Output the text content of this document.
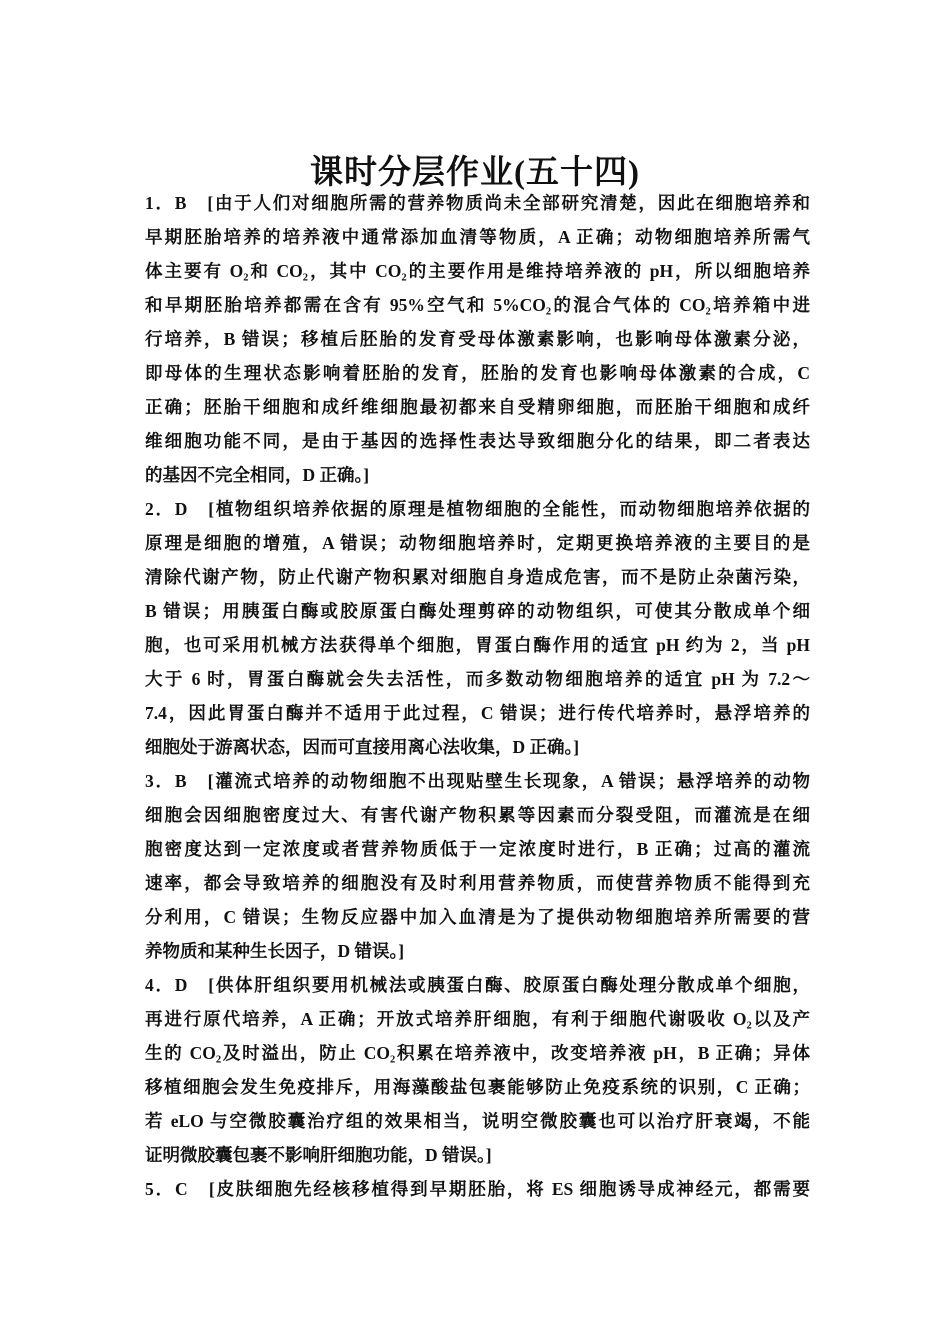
课时分层作业(五十四)
1．B　[由于人们对细胞所需的营养物质尚未全部研究清楚，因此在细胞培养和
早期胚胎培养的培养液中通常添加血清等物质，A 正确；动物细胞培养所需气
体主要有 O₂和 CO₂，其中 CO₂的主要作用是维持培养液的 pH，所以细胞培养
和早期胚胎培养都需在含有 95%空气和 5%CO₂的混合气体的 CO₂培养箱中进
行培养，B 错误；移植后胚胎的发育受母体激素影响，也影响母体激素分泌，
即母体的生理状态影响着胚胎的发育，胚胎的发育也影响母体激素的合成，C
正确；胚胎干细胞和成纤维细胞最初都来自受精卵细胞，而胚胎干细胞和成纤
维细胞功能不同，是由于基因的选择性表达导致细胞分化的结果，即二者表达
的基因不完全相同，D 正确。]
2．D　[植物组织培养依据的原理是植物细胞的全能性，而动物细胞培养依据的
原理是细胞的增殖，A 错误；动物细胞培养时，定期更换培养液的主要目的是
清除代谢产物，防止代谢产物积累对细胞自身造成危害，而不是防止杂菌污染，
B 错误；用胰蛋白酶或胶原蛋白酶处理剪碎的动物组织，可使其分散成单个细
胞，也可采用机械方法获得单个细胞，胃蛋白酶作用的适宜 pH 约为 2，当 pH
大于 6 时，胃蛋白酶就会失去活性，而多数动物细胞培养的适宜 pH 为 7.2～
7.4，因此胃蛋白酶并不适用于此过程，C 错误；进行传代培养时，悬浮培养的
细胞处于游离状态，因而可直接用离心法收集，D 正确。]
3．B　[灌流式培养的动物细胞不出现贴壁生长现象，A 错误；悬浮培养的动物
细胞会因细胞密度过大、有害代谢产物积累等因素而分裂受阻，而灌流是在细
胞密度达到一定浓度或者营养物质低于一定浓度时进行，B 正确；过高的灌流
速率，都会导致培养的细胞没有及时利用营养物质，而使营养物质不能得到充
分利用，C 错误；生物反应器中加入血清是为了提供动物细胞培养所需要的营
养物质和某种生长因子，D 错误。]
4．D　[供体肝组织要用机械法或胰蛋白酶、胶原蛋白酶处理分散成单个细胞，
再进行原代培养，A 正确；开放式培养肝细胞，有利于细胞代谢吸收 O₂以及产
生的 CO₂及时溢出，防止 CO₂积累在培养液中，改变培养液 pH，B 正确；异体
移植细胞会发生免疫排斥，用海藻酸盐包裹能够防止免疫系统的识别，C 正确；
若 eLO 与空微胶囊治疗组的效果相当，说明空微胶囊也可以治疗肝衰竭，不能
证明微胶囊包裹不影响肝细胞功能，D 错误。]
5．C　[皮肤细胞先经核移植得到早期胚胎，将 ES 细胞诱导成神经元，都需要
